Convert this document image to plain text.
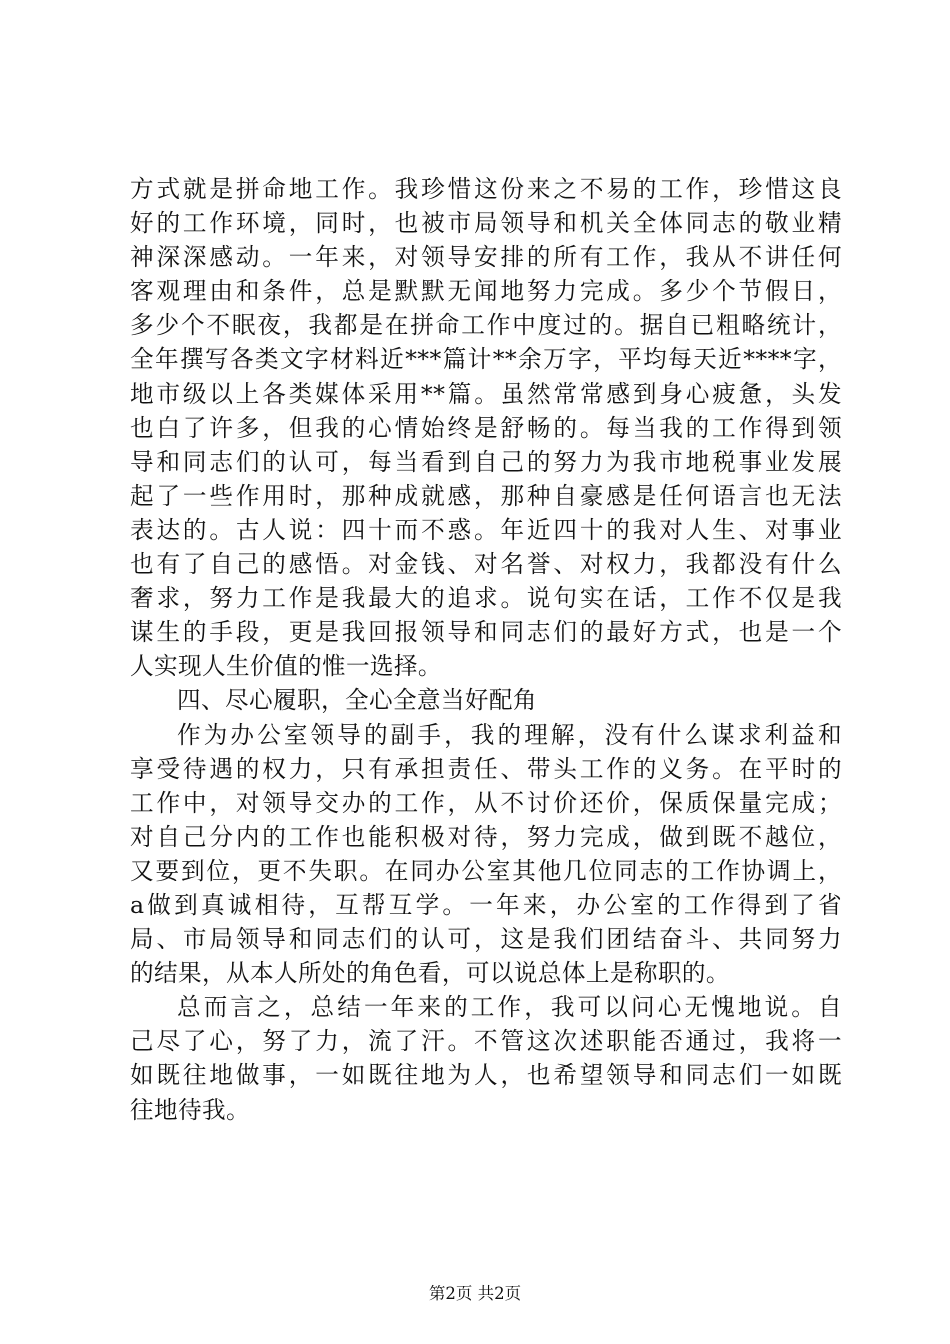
方式就是拼命地工作。我珍惜这份来之不易的工作，珍惜这良
好的工作环境，同时，也被市局领导和机关全体同志的敬业精
神深深感动。一年来，对领导安排的所有工作，我从不讲任何
客观理由和条件，总是默默无闻地努力完成。多少个节假日，
多少个不眠夜，我都是在拼命工作中度过的。据自已粗略统计，
全年撰写各类文字材料近***篇计**余万字，平均每天近****字，
地市级以上各类媒体采用**篇。虽然常常感到身心疲惫，头发
也白了许多，但我的心情始终是舒畅的。每当我的工作得到领
导和同志们的认可，每当看到自己的努力为我市地税事业发展
起了一些作用时，那种成就感，那种自豪感是任何语言也无法
表达的。古人说：四十而不惑。年近四十的我对人生、对事业
也有了自己的感悟。对金钱、对名誉、对权力，我都没有什么
奢求，努力工作是我最大的追求。说句实在话，工作不仅是我
谋生的手段，更是我回报领导和同志们的最好方式，也是一个
人实现人生价值的惟一选择。
四、尽心履职，全心全意当好配角
作为办公室领导的副手，我的理解，没有什么谋求利益和
享受待遇的权力，只有承担责任、带头工作的义务。在平时的
工作中，对领导交办的工作，从不讨价还价，保质保量完成；
对自己分内的工作也能积极对待，努力完成，做到既不越位，
又要到位，更不失职。在同办公室其他几位同志的工作协调上，
a做到真诚相待，互帮互学。一年来，办公室的工作得到了省
局、市局领导和同志们的认可，这是我们团结奋斗、共同努力
的结果，从本人所处的角色看，可以说总体上是称职的。
总而言之，总结一年来的工作，我可以问心无愧地说。自
己尽了心，努了力，流了汗。不管这次述职能否通过，我将一
如既往地做事，一如既往地为人，也希望领导和同志们一如既
往地待我。
第2页 共2页
